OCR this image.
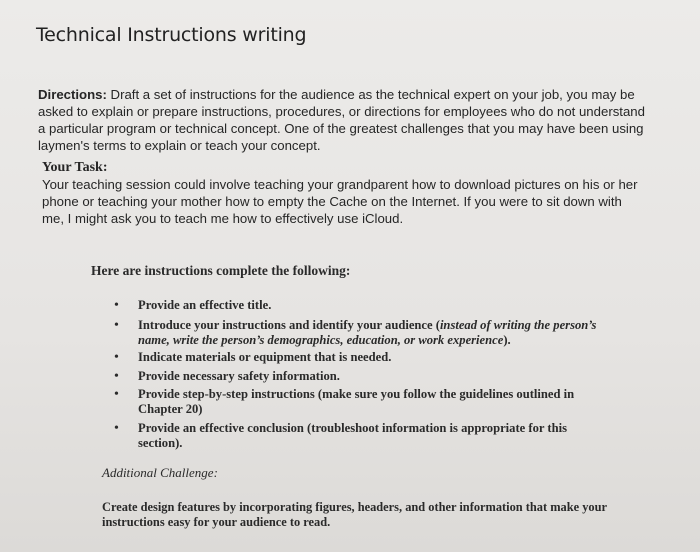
Technical Instructions writing
Directions: Draft a set of instructions for the audience as the technical expert on your job, you may be asked to explain or prepare instructions, procedures, or directions for employees who do not understand a particular program or technical concept. One of the greatest challenges that you may have been using laymen's terms to explain or teach your concept.
Your Task:
Your teaching session could involve teaching your grandparent how to download pictures on his or her phone or teaching your mother how to empty the Cache on the Internet. If you were to sit down with me, I might ask you to teach me how to effectively use iCloud.
Here are instructions complete the following:
• Provide an effective title.
• Introduce your instructions and identify your audience (instead of writing the person’s name, write the person’s demographics, education, or work experience).
• Indicate materials or equipment that is needed.
• Provide necessary safety information.
• Provide step-by-step instructions (make sure you follow the guidelines outlined in Chapter 20)
• Provide an effective conclusion (troubleshoot information is appropriate for this section).
Additional Challenge:
Create design features by incorporating figures, headers, and other information that make your instructions easy for your audience to read.
